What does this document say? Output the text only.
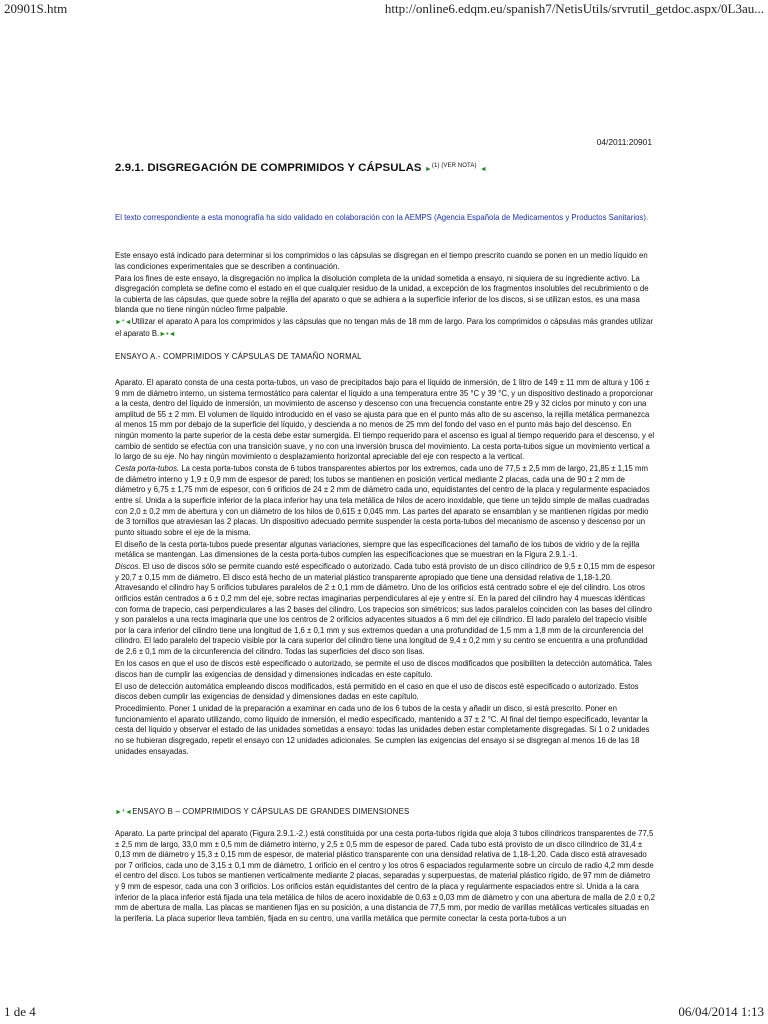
20901S.htm	http://online6.edqm.eu/spanish7/NetisUtils/srvrutil_getdoc.aspx/0L3au...
04/2011:20901
2.9.1. DISGREGACIÓN DE COMPRIMIDOS Y CÁPSULAS ►$^{(1) (VER NOTA)}$ ◄
El texto correspondiente a esta monografía ha sido validado en colaboración con la AEMPS (Agencia Española de Medicamentos y Productos Sanitarios).

Este ensayo está indicado para determinar si los comprimidos o las cápsulas se disgregan en el tiempo prescrito cuando se ponen en un medio líquido en las condiciones experimentales que se describen a continuación.

Para los fines de este ensayo, la disgregación no implica la disolución completa de la unidad sometida a ensayo, ni siquiera de su ingrediente activo. La disgregación completa se define como el estado en el que cualquier residuo de la unidad, a excepción de los fragmentos insolubles del recubrimiento o de la cubierta de las cápsulas, que quede sobre la rejilla del aparato o que se adhiera a la superficie inferior de los discos, si se utilizan estos, es una masa blanda que no tiene ningún núcleo firme palpable.

►*◄Utilizar el aparato A para los comprimidos y las cápsulas que no tengan más de 18 mm de largo. Para los comprimidos o cápsulas más grandes utilizar el aparato B.►•◄

ENSAYO A.- COMPRIMIDOS Y CÁPSULAS DE TAMAÑO NORMAL

Aparato. El aparato consta de una cesta porta-tubos, un vaso de precipitados bajo para el líquido de inmersión, de 1 litro de 149 ± 11 mm de altura y 106 ± 9 mm de diámetro interno, un sistema termostático para calentar el líquido a una temperatura entre 35 °C y 39 °C, y un dispositivo destinado a proporcionar a la cesta, dentro del líquido de inmersión, un movimiento de ascenso y descenso con una frecuencia constante entre 29 y 32 ciclos por minuto y con una amplitud de 55 ± 2 mm. El volumen de líquido introducido en el vaso se ajusta para que en el punto más alto de su ascenso, la rejilla metálica permanezca al menos 15 mm por debajo de la superficie del líquido, y descienda a no menos de 25 mm del fondo del vaso en el punto más bajo del descenso. En ningún momento la parte superior de la cesta debe estar sumergida. El tiempo requerido para el ascenso es igual al tiempo requerido para el descenso, y el cambio de sentido se efectúa con una transición suave, y no con una inversión brusca del movimiento. La cesta porta-tubos sigue un movimiento vertical a lo largo de su eje. No hay ningún movimiento o desplazamiento horizontal apreciable del eje con respecto a la vertical.

Cesta porta-tubos. La cesta porta-tubos consta de 6 tubos transparentes abiertos por los extremos, cada uno de 77,5 ± 2,5 mm de largo, 21,85 ± 1,15 mm de diámetro interno y 1,9 ± 0,9 mm de espesor de pared; los tubos se mantienen en posición vertical mediante 2 placas, cada una de 90 ± 2 mm de diámetro y 6,75 ± 1,75 mm de espesor, con 6 orificios de 24 ± 2 mm de diámetro cada uno, equidistantes del centro de la placa y regularmente espaciados entre sí. Unida a la superficie inferior de la placa inferior hay una tela metálica de hilos de acero inoxidable, que tiene un tejido simple de mallas cuadradas con 2,0 ± 0,2 mm de abertura y con un diámetro de los hilos de 0,615 ± 0,045 mm. Las partes del aparato se ensamblan y se mantienen rígidas por medio de 3 tornillos que atraviesan las 2 placas. Un dispositivo adecuado permite suspender la cesta porta-tubos del mecanismo de ascenso y descenso por un punto situado sobre el eje de la misma.

El diseño de la cesta porta-tubos puede presentar algunas variaciones, siempre que las especificaciones del tamaño de los tubos de vidrio y de la rejilla metálica se mantengan. Las dimensiones de la cesta porta-tubos cumplen las especificaciones que se muestran en la Figura 2.9.1.-1.

Discos. El uso de discos sólo se permite cuando esté especificado o autorizado. Cada tubo está provisto de un disco cilíndrico de 9,5 ± 0,15 mm de espesor y 20,7 ± 0,15 mm de diámetro. El disco está hecho de un material plástico transparente apropiado que tiene una densidad relativa de 1,18-1,20. Atravesando el cilindro hay 5 orificios tubulares paralelos de 2 ± 0,1 mm de diámetro. Uno de los orificios está centrado sobre el eje del cilindro. Los otros orificios están centrados a 6 ± 0,2 mm del eje, sobre rectas imaginarias perpendiculares al eje y entre sí. En la pared del cilindro hay 4 muescas idénticas con forma de trapecio, casi perpendiculares a las 2 bases del cilindro. Los trapecios son simétricos; sus lados paralelos coinciden con las bases del cilindro y son paralelos a una recta imaginaria que une los centros de 2 orificios adyacentes situados a 6 mm del eje cilíndrico. El lado paralelo del trapecio visible por la cara inferior del cilindro tiene una longitud de 1,6 ± 0,1 mm y sus extremos quedan a una profundidad de 1,5 mm a 1,8 mm de la circunferencia del cilindro. El lado paralelo del trapecio visible por la cara superior del cilindro tiene una longitud de 9,4 ± 0,2 mm y su centro se encuentra a una profundidad de 2,6 ± 0,1 mm de la circunferencia del cilindro. Todas las superficies del disco son lisas.

En los casos en que el uso de discos esté especificado o autorizado, se permite el uso de discos modificados que posibiliten la detección automática. Tales discos han de cumplir las exigencias de densidad y dimensiones indicadas en este capítulo.

El uso de detección automática empleando discos modificados, está permitido en el caso en que el uso de discos esté especificado o autorizado. Estos discos deben cumplir las exigencias de densidad y dimensiones dadas en este capítulo.

Procedimiento. Poner 1 unidad de la preparación a examinar en cada uno de los 6 tubos de la cesta y añadir un disco, si está prescrito. Poner en funcionamiento el aparato utilizando, como líquido de inmersión, el medio especificado, mantenido a 37 ± 2 °C. Al final del tiempo especificado, levantar la cesta del líquido y observar el estado de las unidades sometidas a ensayo: todas las unidades deben estar completamente disgregadas. Si 1 o 2 unidades no se hubieran disgregado, repetir el ensayo con 12 unidades adicionales. Se cumplen las exigencias del ensayo si se disgregan al menos 16 de las 18 unidades ensayadas.

►*◄ENSAYO B – COMPRIMIDOS Y CÁPSULAS DE GRANDES DIMENSIONES

Aparato. La parte principal del aparato (Figura 2.9.1.-2.) está constituida por una cesta porta-tubos rígida que aloja 3 tubos cilíndricos transparentes de 77,5 ± 2,5 mm de largo, 33,0 mm ± 0,5 mm de diámetro interno, y 2,5 ± 0,5 mm de espesor de pared. Cada tubo está provisto de un disco cilíndrico de 31,4 ± 0,13 mm de diámetro y 15,3 ± 0,15 mm de espesor, de material plástico transparente con una densidad relativa de 1,18-1,20. Cada disco está atravesado por 7 orificios, cada uno de 3,15 ± 0,1 mm de diámetro, 1 orificio en el centro y los otros 6 espaciados regularmente sobre un círculo de radio 4,2 mm desde el centro del disco. Los tubos se mantienen verticalmente mediante 2 placas, separadas y superpuestas, de material plástico rígido, de 97 mm de diámetro y 9 mm de espesor, cada una con 3 orificios. Los orificios están equidistantes del centro de la placa y regularmente espaciados entre sí. Unida a la cara inferior de la placa inferior está fijada una tela metálica de hilos de acero inoxidable de 0,63 ± 0,03 mm de diámetro y con una abertura de malla de 2,0 ± 0,2 mm de abertura de malla. Las placas se mantienen fijas en su posición, a una distancia de 77,5 mm, por medio de varillas metálicas verticales situadas en la periferia. La placa superior lleva también, fijada en su centro, una varilla metálica que permite conectar la cesta porta-tubos a un

1 de 4	06/04/2014 1:13
